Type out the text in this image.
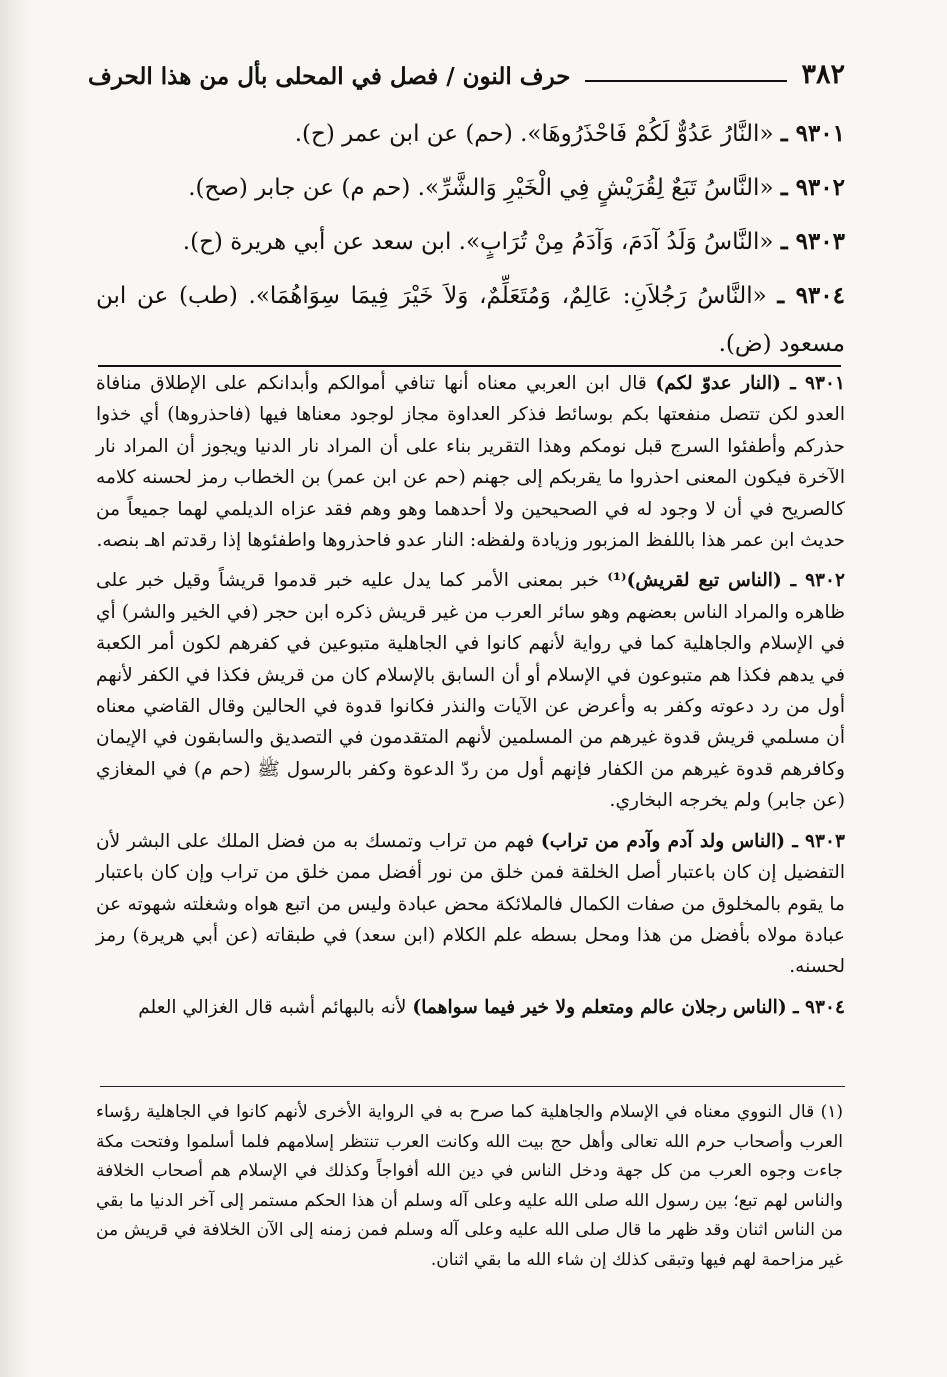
٣٨٢
حرف النون / فصل في المحلى بأل من هذا الحرف

٩٣٠١ ـ «النَّارُ عَدُوٌّ لَكُمْ فَاحْذَرُوهَا». (حم) عن ابن عمر (ح).

٩٣٠٢ ـ «النَّاسُ تَبَعٌ لِقُرَيْشٍ فِي الْخَيْرِ وَالشَّرِّ». (حم م) عن جابر (صح).

٩٣٠٣ ـ «النَّاسُ وَلَدُ آدَمَ، وَآدَمُ مِنْ تُرَابٍ». ابن سعد عن أبي هريرة (ح).

٩٣٠٤ ـ «النَّاسُ رَجُلاَنِ: عَالِمٌ، وَمُتَعَلِّمٌ، وَلاَ خَيْرَ فِيمَا سِوَاهُمَا». (طب) عن ابن مسعود (ض).

٩٣٠١ ـ (النار عدوّ لكم) قال ابن العربي معناه أنها تنافي أموالكم وأبدانكم على الإطلاق منافاة العدو لكن تتصل منفعتها بكم بوسائط فذكر العداوة مجاز لوجود معناها فيها (فاحذروها) أي خذوا حذركم وأطفئوا السرج قبل نومكم وهذا التقرير بناء على أن المراد نار الدنيا ويجوز أن المراد نار الآخرة فيكون المعنى احذروا ما يقربكم إلى جهنم (حم عن ابن عمر) بن الخطاب رمز لحسنه كلامه كالصريح في أن لا وجود له في الصحيحين ولا أحدهما وهو وهم فقد عزاه الديلمي لهما جميعاً من حديث ابن عمر هذا باللفظ المزبور وزيادة ولفظه: النار عدو فاحذروها واطفئوها إذا رقدتم اهـ بنصه.

٩٣٠٢ ـ (الناس تبع لقريش)⁽¹⁾ خبر بمعنى الأمر كما يدل عليه خبر قدموا قريشاً وقيل خبر على ظاهره والمراد الناس بعضهم وهو سائر العرب من غير قريش ذكره ابن حجر (في الخير والشر) أي في الإسلام والجاهلية كما في رواية لأنهم كانوا في الجاهلية متبوعين في كفرهم لكون أمر الكعبة في يدهم فكذا هم متبوعون في الإسلام أو أن السابق بالإسلام كان من قريش فكذا في الكفر لأنهم أول من رد دعوته وكفر به وأعرض عن الآيات والنذر فكانوا قدوة في الحالين وقال القاضي معناه أن مسلمي قريش قدوة غيرهم من المسلمين لأنهم المتقدمون في التصديق والسابقون في الإيمان وكافرهم قدوة غيرهم من الكفار فإنهم أول من ردّ الدعوة وكفر بالرسول ﷺ (حم م) في المغازي (عن جابر) ولم يخرجه البخاري.

٩٣٠٣ ـ (الناس ولد آدم وآدم من تراب) فهم من تراب وتمسك به من فضل الملك على البشر لأن التفضيل إن كان باعتبار أصل الخلقة فمن خلق من نور أفضل ممن خلق من تراب وإن كان باعتبار ما يقوم بالمخلوق من صفات الكمال فالملائكة محض عبادة وليس من اتبع هواه وشغلته شهوته عن عبادة مولاه بأفضل من هذا ومحل بسطه علم الكلام (ابن سعد) في طبقاته (عن أبي هريرة) رمز لحسنه.

٩٣٠٤ ـ (الناس رجلان عالم ومتعلم ولا خير فيما سواهما) لأنه بالبهائم أشبه قال الغزالي العلم

(١) قال النووي معناه في الإسلام والجاهلية كما صرح به في الرواية الأخرى لأنهم كانوا في الجاهلية رؤساء العرب وأصحاب حرم الله تعالى وأهل حج بيت الله وكانت العرب تنتظر إسلامهم فلما أسلموا وفتحت مكة جاءت وجوه العرب من كل جهة ودخل الناس في دين الله أفواجاً وكذلك في الإسلام هم أصحاب الخلافة والناس لهم تبع؛ بين رسول الله صلى الله عليه وعلى آله وسلم أن هذا الحكم مستمر إلى آخر الدنيا ما بقي من الناس اثنان وقد ظهر ما قال صلى الله عليه وعلى آله وسلم فمن زمنه إلى الآن الخلافة في قريش من غير مزاحمة لهم فيها وتبقى كذلك إن شاء الله ما بقي اثنان.
